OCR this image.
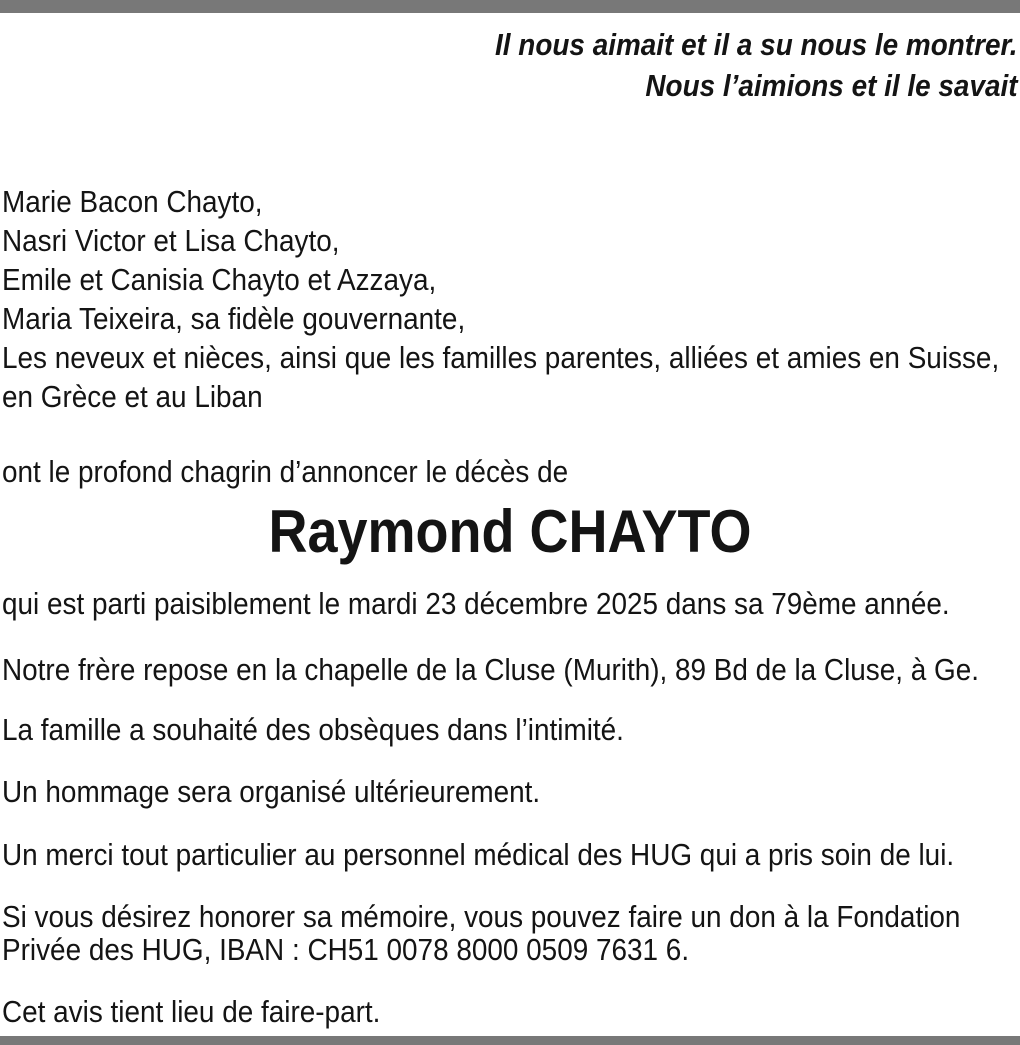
Il nous aimait et il a su nous le montrer.
Nous l’aimions et il le savait
Marie Bacon Chayto,
Nasri Victor et Lisa Chayto,
Emile et Canisia Chayto et Azzaya,
Maria Teixeira, sa fidèle gouvernante,
Les neveux et nièces, ainsi que les familles parentes, alliées et amies en Suisse,
en Grèce et au Liban
ont le profond chagrin d’annoncer le décès de
Raymond CHAYTO
qui est parti paisiblement le mardi 23 décembre 2025 dans sa 79ème année.
Notre frère repose en la chapelle de la Cluse (Murith), 89 Bd de la Cluse, à Ge.
La famille a souhaité des obsèques dans l’intimité.
Un hommage sera organisé ultérieurement.
Un merci tout particulier au personnel médical des HUG qui a pris soin de lui.
Si vous désirez honorer sa mémoire, vous pouvez faire un don à la Fondation
Privée des HUG, IBAN : CH51 0078 8000 0509 7631 6.
Cet avis tient lieu de faire-part.
